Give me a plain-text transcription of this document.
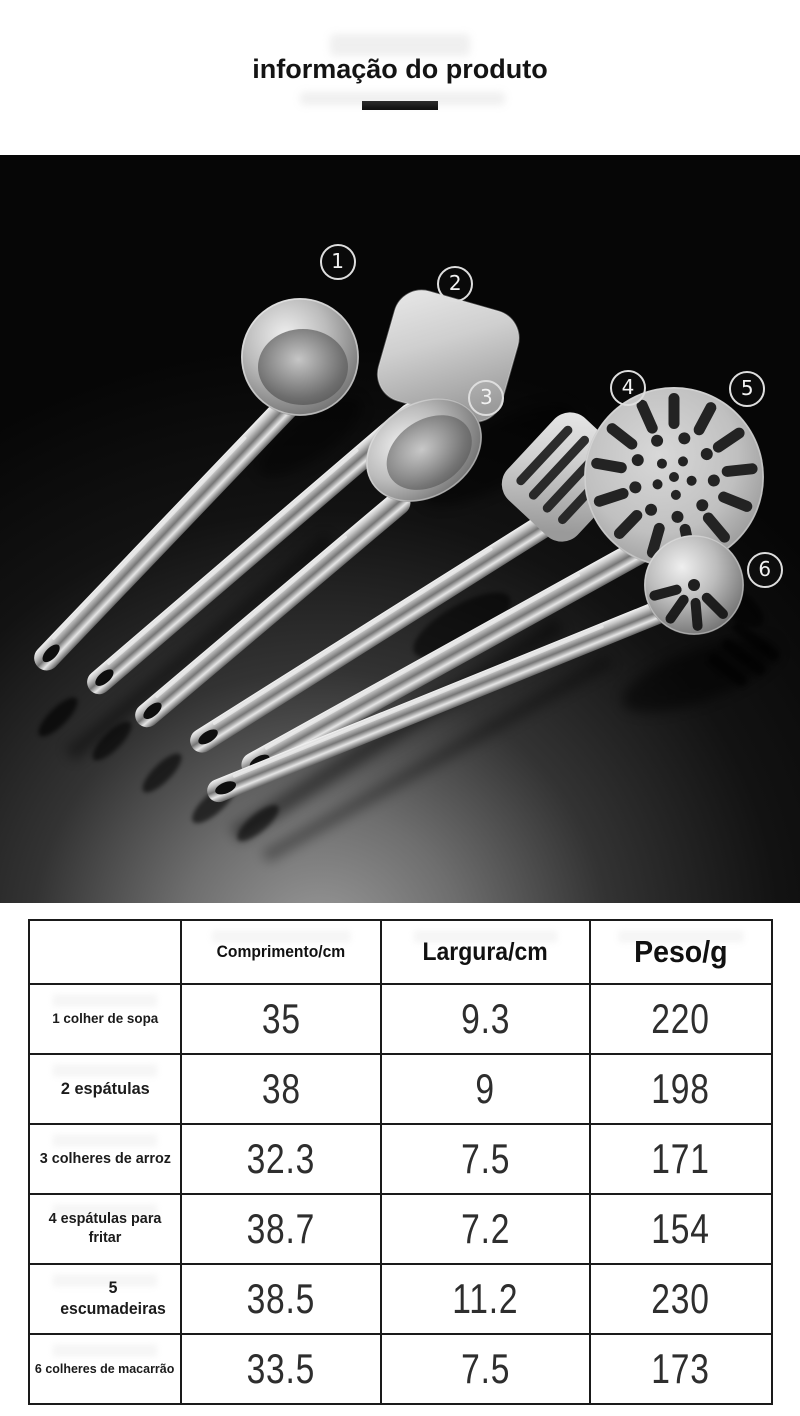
informação do produto
1
2
3	4	5
6
	Comprimento/cm	Largura/cm	Peso/g
1 colher de sopa	35	9.3	220
2 espátulas	38	9	198
3 colheres de arroz	32.3	7.5	171
4 espátulas para fritar	38.7	7.2	154
5 escumadeiras	38.5	11.2	230
6 colheres de macarrão	33.5	7.5	173
